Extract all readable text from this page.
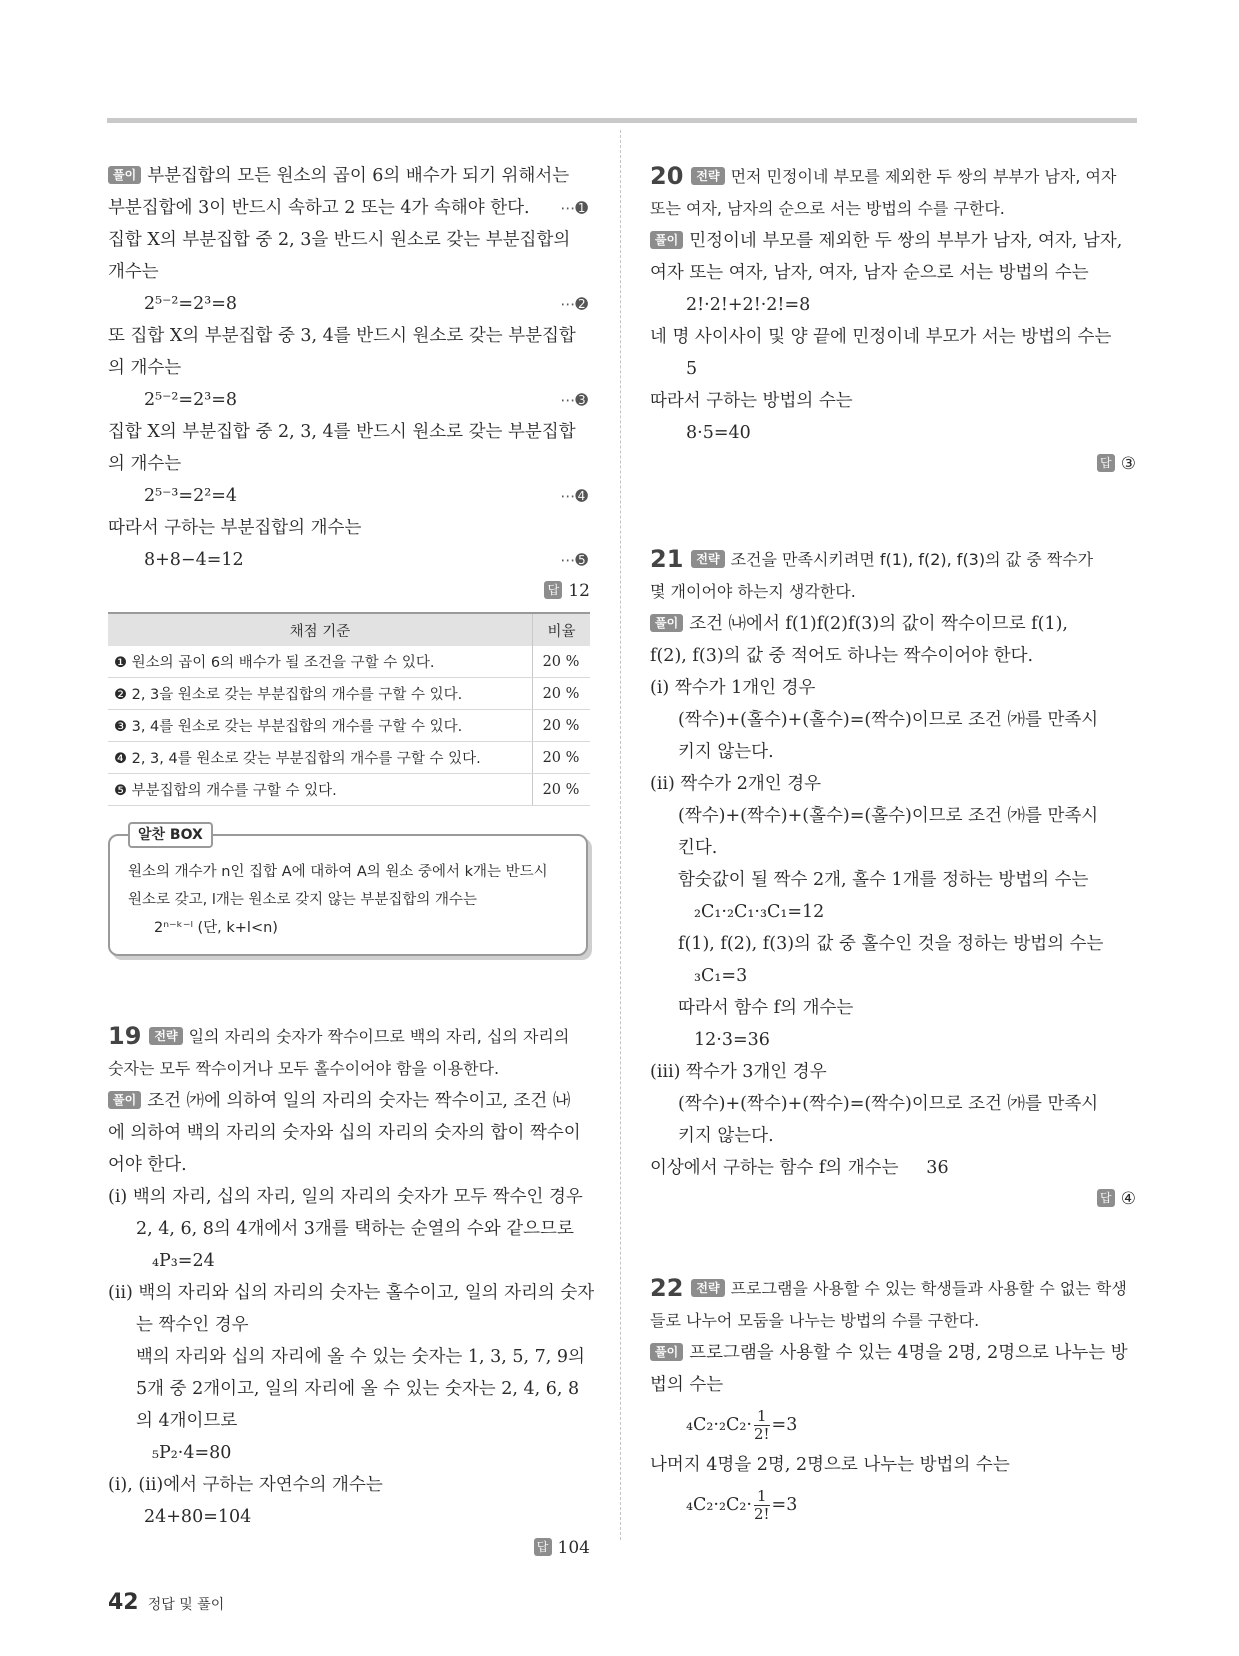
풀이 부분집합의 모든 원소의 곱이 6의 배수가 되기 위해서는
부분집합에 3이 반드시 속하고 2 또는 4가 속해야 한다. ⋯➊
집합 X의 부분집합 중 2, 3을 반드시 원소로 갖는 부분집합의
개수는
2⁵⁻²=2³=8	⋯➋
또 집합 X의 부분집합 중 3, 4를 반드시 원소로 갖는 부분집합
의 개수는
2⁵⁻²=2³=8	⋯➌
집합 X의 부분집합 중 2, 3, 4를 반드시 원소로 갖는 부분집합
의 개수는
2⁵⁻³=2²=4	⋯➍
따라서 구하는 부분집합의 개수는
8+8−4=12	⋯➎
답 12
채점 기준	비율
❶ 원소의 곱이 6의 배수가 될 조건을 구할 수 있다.	20 %
❷ 2, 3을 원소로 갖는 부분집합의 개수를 구할 수 있다.	20 %
❸ 3, 4를 원소로 갖는 부분집합의 개수를 구할 수 있다.	20 %
❹ 2, 3, 4를 원소로 갖는 부분집합의 개수를 구할 수 있다.	20 %
❺ 부분집합의 개수를 구할 수 있다.	20 %
알찬 BOX
원소의 개수가 n인 집합 A에 대하여 A의 원소 중에서 k개는 반드시
원소로 갖고, l개는 원소로 갖지 않는 부분집합의 개수는
2ⁿ⁻ᵏ⁻ˡ (단, k+l<n)
19 전략 일의 자리의 숫자가 짝수이므로 백의 자리, 십의 자리의
숫자는 모두 짝수이거나 모두 홀수이어야 함을 이용한다.
풀이 조건 ㈎에 의하여 일의 자리의 숫자는 짝수이고, 조건 ㈏
에 의하여 백의 자리의 숫자와 십의 자리의 숫자의 합이 짝수이
어야 한다.
(ⅰ) 백의 자리, 십의 자리, 일의 자리의 숫자가 모두 짝수인 경우
2, 4, 6, 8의 4개에서 3개를 택하는 순열의 수와 같으므로
₄P₃=24
(ⅱ) 백의 자리와 십의 자리의 숫자는 홀수이고, 일의 자리의 숫자
는 짝수인 경우
백의 자리와 십의 자리에 올 수 있는 숫자는 1, 3, 5, 7, 9의
5개 중 2개이고, 일의 자리에 올 수 있는 숫자는 2, 4, 6, 8
의 4개이므로
₅P₂·4=80
(ⅰ), (ⅱ)에서 구하는 자연수의 개수는
24+80=104
답 104
20 전략 먼저 민정이네 부모를 제외한 두 쌍의 부부가 남자, 여자
또는 여자, 남자의 순으로 서는 방법의 수를 구한다.
풀이 민정이네 부모를 제외한 두 쌍의 부부가 남자, 여자, 남자,
여자 또는 여자, 남자, 여자, 남자 순으로 서는 방법의 수는
2!·2!+2!·2!=8
네 명 사이사이 및 양 끝에 민정이네 부모가 서는 방법의 수는
5
따라서 구하는 방법의 수는
8·5=40
답 ③
21 전략 조건을 만족시키려면 f(1), f(2), f(3)의 값 중 짝수가
몇 개이어야 하는지 생각한다.
풀이 조건 ㈏에서 f(1)f(2)f(3)의 값이 짝수이므로 f(1),
f(2), f(3)의 값 중 적어도 하나는 짝수이어야 한다.
(ⅰ) 짝수가 1개인 경우
(짝수)+(홀수)+(홀수)=(짝수)이므로 조건 ㈎를 만족시
키지 않는다.
(ⅱ) 짝수가 2개인 경우
(짝수)+(짝수)+(홀수)=(홀수)이므로 조건 ㈎를 만족시
킨다.
함숫값이 될 짝수 2개, 홀수 1개를 정하는 방법의 수는
₂C₁·₂C₁·₃C₁=12
f(1), f(2), f(3)의 값 중 홀수인 것을 정하는 방법의 수는
₃C₁=3
따라서 함수 f의 개수는
12·3=36
(ⅲ) 짝수가 3개인 경우
(짝수)+(짝수)+(짝수)=(짝수)이므로 조건 ㈎를 만족시
키지 않는다.
이상에서 구하는 함수 f의 개수는     36
답 ④
22 전략 프로그램을 사용할 수 있는 학생들과 사용할 수 없는 학생
들로 나누어 모둠을 나누는 방법의 수를 구한다.
풀이 프로그램을 사용할 수 있는 4명을 2명, 2명으로 나누는 방
법의 수는
$_4C_2\cdot_2C_2\cdot \frac{1}{2!} =3$
나머지 4명을 2명, 2명으로 나누는 방법의 수는
$_4C_2\cdot_2C_2\cdot \frac{1}{2!} =3$
42 정답 및 풀이
